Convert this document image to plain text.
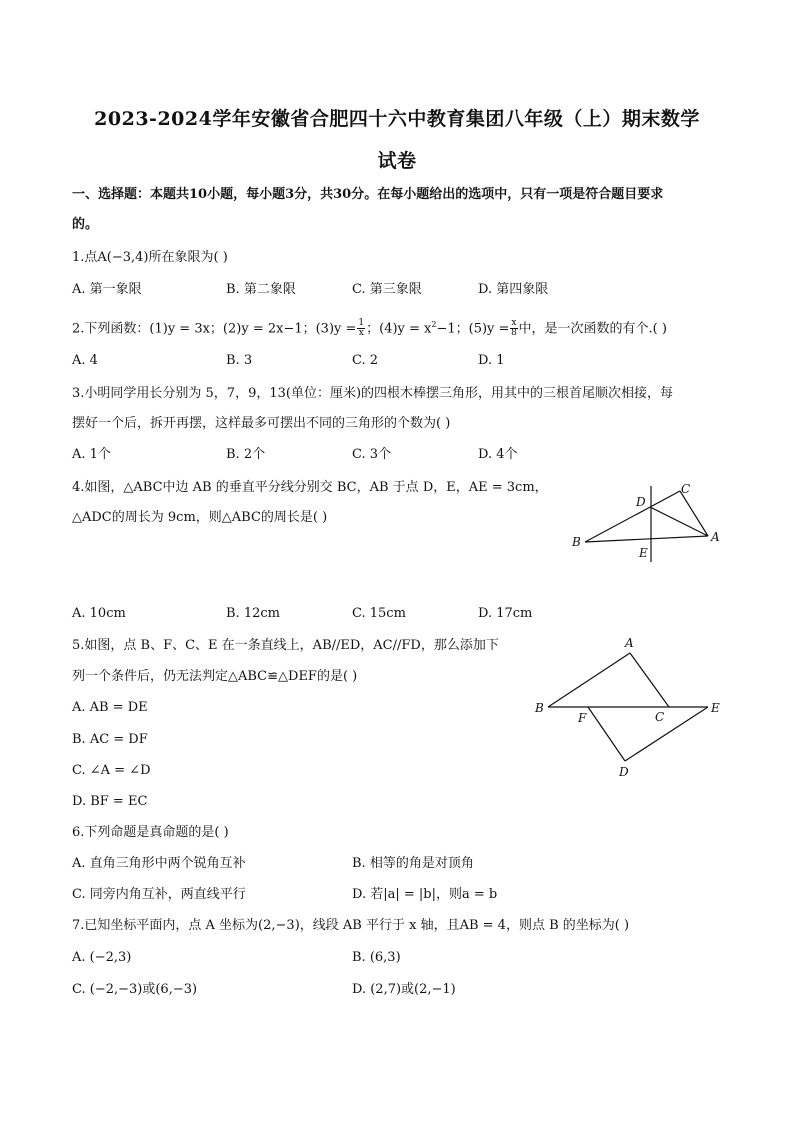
2023-2024学年安徽省合肥四十六中教育集团八年级（上）期末数学
试卷
一、选择题：本题共10小题，每小题3分，共30分。在每小题给出的选项中，只有一项是符合题目要求
的。
1.点A(−3,4)所在象限为( )
A. 第一象限	B. 第二象限	C. 第三象限	D. 第四象限
2.下列函数：(1)y = 3x；(2)y = 2x−1；$(3)y = \frac{1}{x}$ ；$(4)y = x^2-1$；$(5)y = \frac{x}{8}$ 中，是一次函数的有个.( )
A. 4	B. 3	C. 2	D. 1
3.小明同学用长分别为 5，7，9，13(单位：厘米)的四根木棒摆三角形，用其中的三根首尾顺次相接，每
摆好一个后，拆开再摆，这样最多可摆出不同的三角形的个数为( )
A. 1个	B. 2个	C. 3个	D. 4个
4.如图，△ABC中边 AB 的垂直平分线分别交 BC，AB 于点 D，E，AE = 3cm，
△ADC的周长为 9cm，则△ABC的周长是( )
B
C
D
E
A
A. 10cm	B. 12cm	C. 15cm	D. 17cm
5.如图，点 B、F、C、E 在一条直线上，AB//ED，AC//FD，那么添加下
列一个条件后，仍无法判定△ABC≌△DEF的是( )
A. AB = DE
B. AC = DF
C. ∠A = ∠D
D. BF = EC
A
B
F	C
E
D
6.下列命题是真命题的是( )
A. 直角三角形中两个锐角互补	B. 相等的角是对顶角
C. 同旁内角互补，两直线平行	D. 若|a| = |b|，则a = b
7.已知坐标平面内，点 A 坐标为(2,−3)，线段 AB 平行于 x 轴，且AB = 4，则点 B 的坐标为( )
A. (−2,3)	B. (6,3)
C. (−2,−3)或(6,−3)	D. (2,7)或(2,−1)
